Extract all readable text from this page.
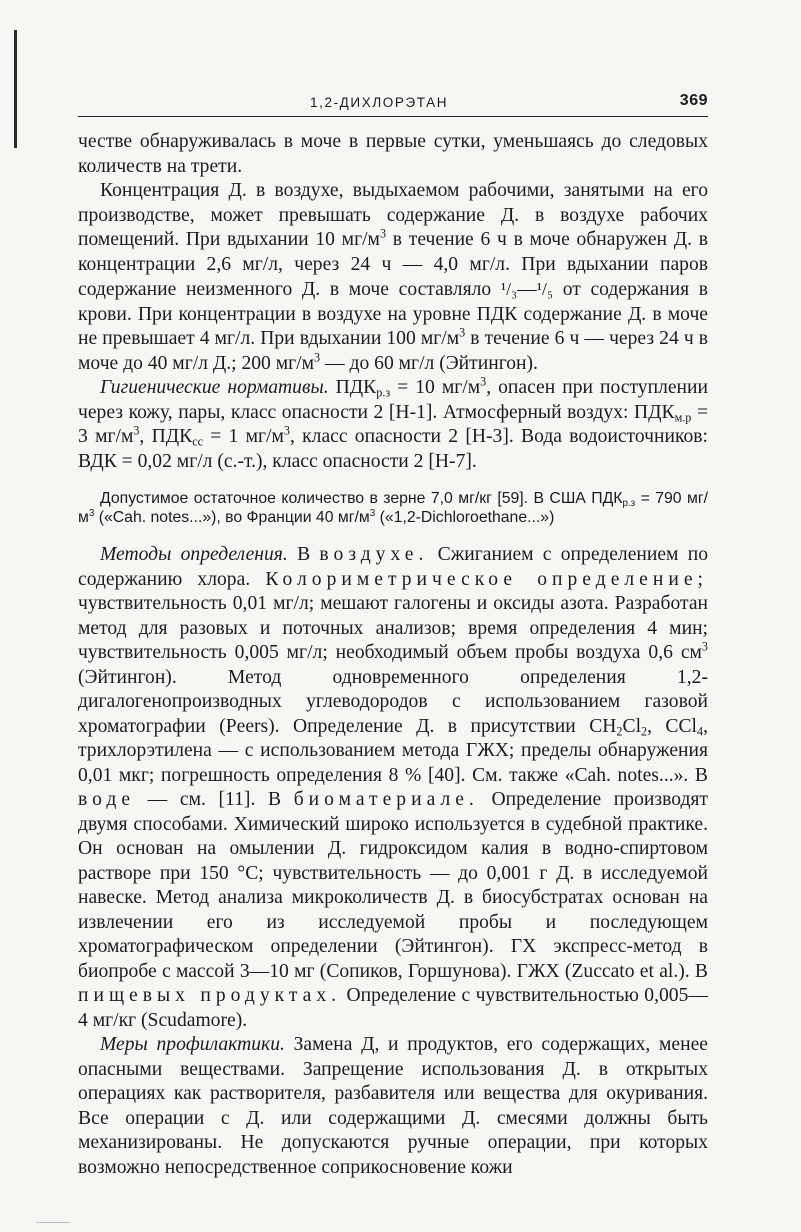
1,2-ДИХЛОРЭТАН	369

честве обнаруживалась в моче в первые сутки, уменьшаясь до следовых количеств на трети.

Концентрация Д. в воздухе, выдыхаемом рабочими, занятыми на его производстве, может превышать содержание Д. в воздухе рабочих помещений. При вдыхании 10 $мг/м^3$ в течение 6 ч в моче обнаружен Д. в концентрации 2,6 мг/л, через 24 ч — 4,0 мг/л. При вдыхании паров содержание неизменного Д. в моче составляло ¹/₃—¹/₅ от содержания в крови. При концентрации в воздухе на уровне ПДК содержание Д. в моче не превышает 4 мг/л. При вдыхании 100 $мг/м^3$ в течение 6 ч — через 24 ч в моче до 40 мг/л Д.; 200 $мг/м^3$ — до 60 мг/л (Эйтингон).

Гигиенические нормативы. $ПДК_{р.з} = 10$ $мг/м^3$, опасен при поступлении через кожу, пары, класс опасности 2 [Н-1]. Атмосферный воздух: $ПДК_{м.р} = 3$ $мг/м^3$, $ПДК_{сс} = 1$ $мг/м^3$, класс опасности 2 [Н-3]. Вода водоисточников: ВДК = 0,02 мг/л (с.-т.), класс опасности 2 [Н-7].

Допустимое остаточное количество в зерне 7,0 мг/кг [59]. В США $ПДК_{р.з} = 790$ $мг/м^3$ («Cah. notes...»), во Франции 40 $мг/м^3$ («1,2-Dichloroethane...»)

Методы определения. В воздухе. Сжиганием с определением по содержанию хлора. Колориметрическое определение; чувствительность 0,01 мг/л; мешают галогены и оксиды азота. Разработан метод для разовых и поточных анализов; время определения 4 мин; чувствительность 0,005 мг/л; необходимый объем пробы воздуха 0,6 $см^3$ (Эйтингон). Метод одновременного определения 1,2-дигалогенопроизводных углеводородов с использованием газовой хроматографии (Peers). Определение Д. в присутствии $CH_2Cl_2$, CCl$_4$, трихлорэтилена — с использованием метода ГЖХ; пределы обнаружения 0,01 мкг; погрешность определения 8 % [40]. См. также «Cah. notes...». В воде — см. [11]. В биоматериале. Определение производят двумя способами. Химический широко используется в судебной практике. Он основан на омылении Д. гидроксидом калия в водно-спиртовом растворе при 150 °С; чувствительность — до 0,001 г Д. в исследуемой навеске. Метод анализа микроколичеств Д. в биосубстратах основан на извлечении его из исследуемой пробы и последующем хроматографическом определении (Эйтингон). ГХ экспресс-метод в биопробе с массой 3—10 мг (Сопиков, Горшунова). ГЖХ (Zuccato et al.). В пищевых продуктах. Определение с чувствительностью 0,005—4 мг/кг (Scudamore).

Меры профилактики. Замена Д, и продуктов, его содержащих, менее опасными веществами. Запрещение использования Д. в открытых операциях как растворителя, разбавителя или вещества для окуривания. Все операции с Д. или содержащими Д. смесями должны быть механизированы. Не допускаются ручные операции, при которых возможно непосредственное соприкосновение кожи
